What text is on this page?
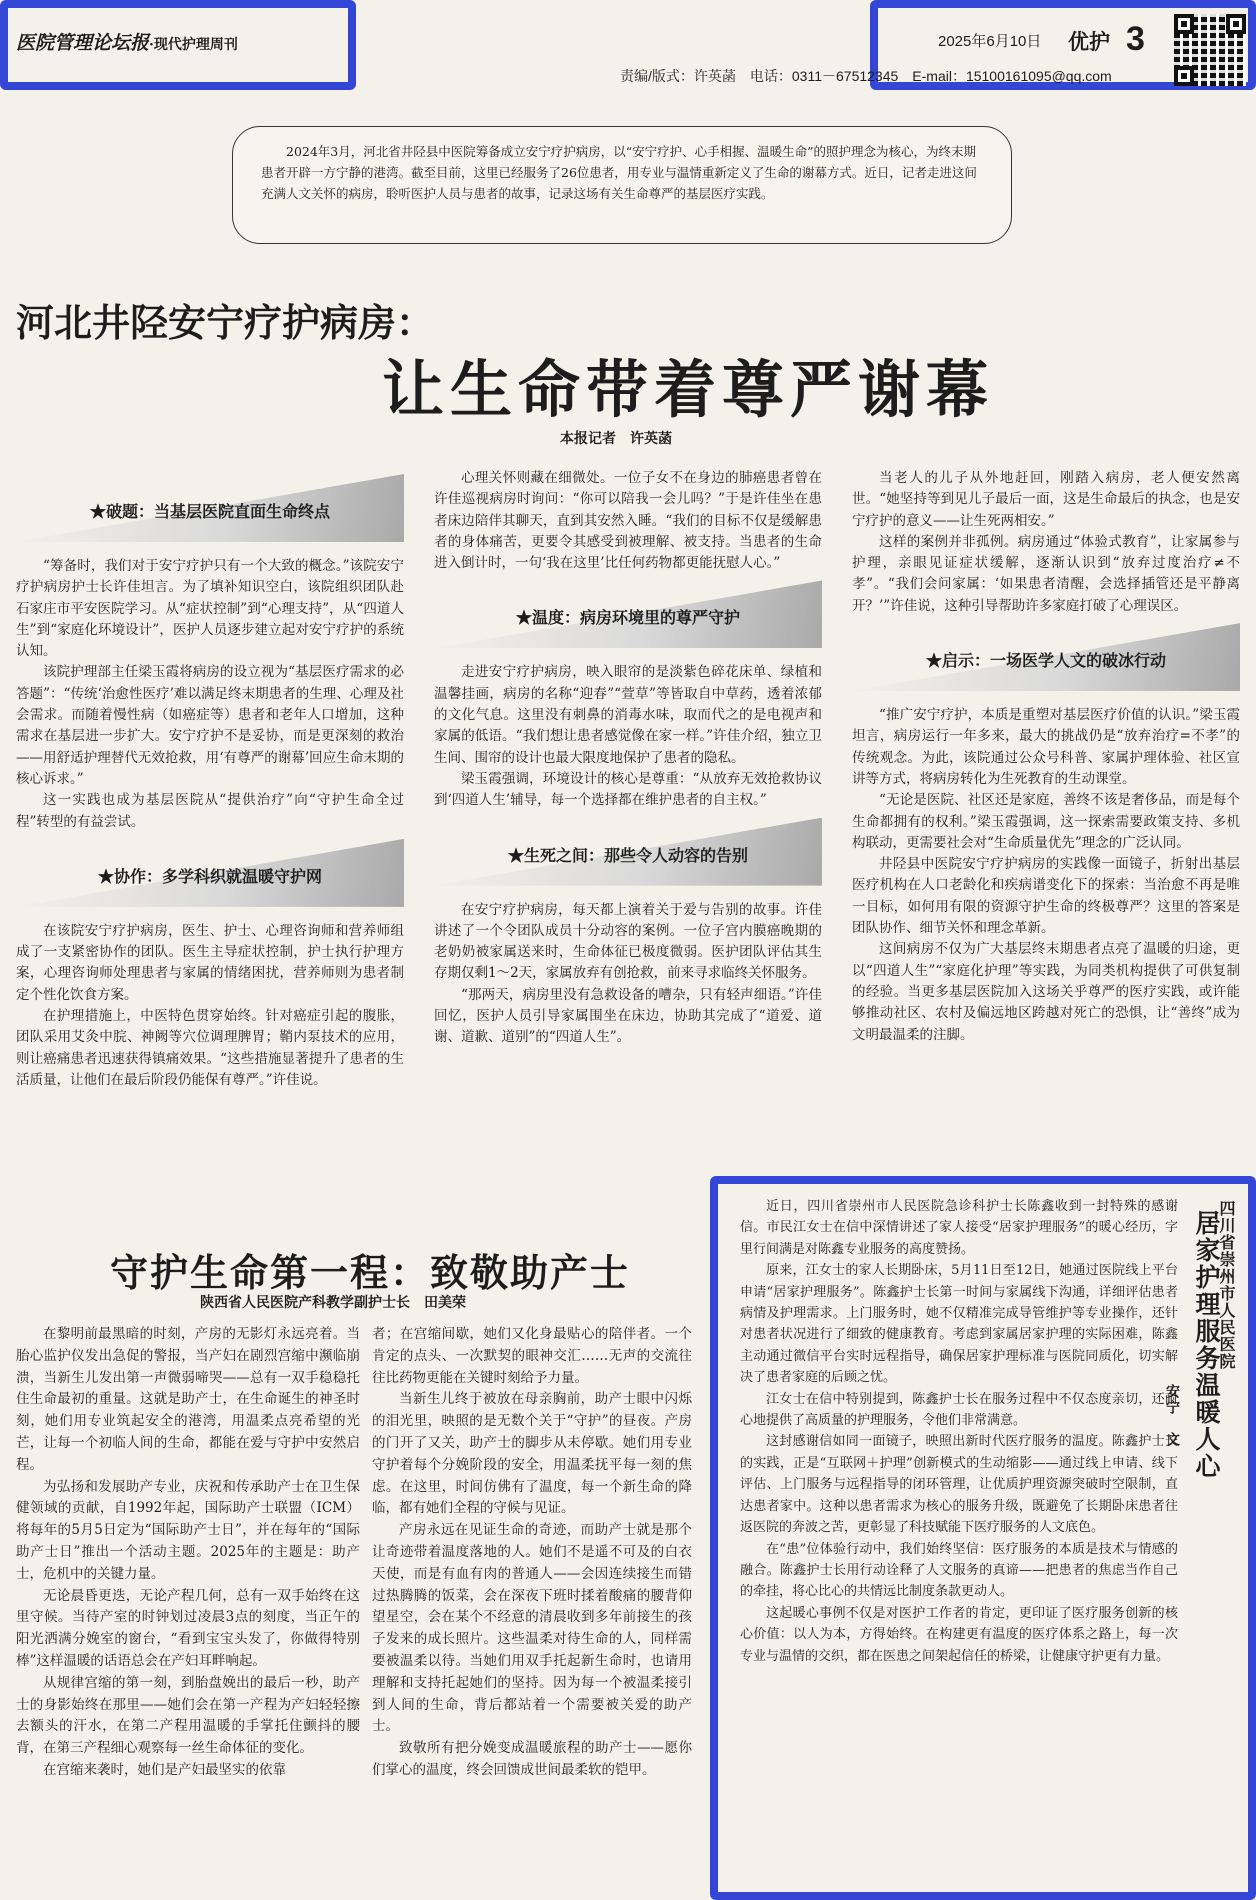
医院管理论坛报·现代护理周刊	2025年6月10日 优护 3
责编/版式：许英菡　电话：0311－67512345　E-mail：15100161095@qq.com
2024年3月，河北省井陉县中医院筹备成立安宁疗护病房，以“安宁疗护、心手相握、温暖生命”的照护理念为核心，为终末期患者开辟一方宁静的港湾。截至目前，这里已经服务了26位患者，用专业与温情重新定义了生命的谢幕方式。近日，记者走进这间充满人文关怀的病房，聆听医护人员与患者的故事，记录这场有关生命尊严的基层医疗实践。
河北井陉安宁疗护病房：
让生命带着尊严谢幕
本报记者　许英菡
★破题：当基层医院直面生命终点

“筹备时，我们对于安宁疗护只有一个大致的概念。”该院安宁疗护病房护士长许佳坦言。为了填补知识空白，该院组织团队赴石家庄市平安医院学习。从“症状控制”到“心理支持”，从“四道人生”到“家庭化环境设计”，医护人员逐步建立起对安宁疗护的系统认知。

该院护理部主任梁玉霞将病房的设立视为“基层医疗需求的必答题”：“传统‘治愈性医疗’难以满足终末期患者的生理、心理及社会需求。而随着慢性病（如癌症等）患者和老年人口增加，这种需求在基层进一步扩大。安宁疗护不是妥协，而是更深刻的救治——用舒适护理替代无效抢救，用‘有尊严的谢幕’回应生命末期的核心诉求。”

这一实践也成为基层医院从“提供治疗”向“守护生命全过程”转型的有益尝试。

★协作：多学科织就温暖守护网

在该院安宁疗护病房，医生、护士、心理咨询师和营养师组成了一支紧密协作的团队。医生主导症状控制，护士执行护理方案，心理咨询师处理患者与家属的情绪困扰，营养师则为患者制定个性化饮食方案。

在护理措施上，中医特色贯穿始终。针对癌症引起的腹胀，团队采用艾灸中脘、神阙等穴位调理脾胃；鞘内泵技术的应用，则让癌痛患者迅速获得镇痛效果。“这些措施显著提升了患者的生活质量，让他们在最后阶段仍能保有尊严。”许佳说。

心理关怀则藏在细微处。一位子女不在身边的肺癌患者曾在许佳巡视病房时询问：“你可以陪我一会儿吗？”于是许佳坐在患者床边陪伴其聊天，直到其安然入睡。“我们的目标不仅是缓解患者的身体痛苦，更要令其感受到被理解、被支持。当患者的生命进入倒计时，一句‘我在这里’比任何药物都更能抚慰人心。”

★温度：病房环境里的尊严守护

走进安宁疗护病房，映入眼帘的是淡紫色碎花床单、绿植和温馨挂画，病房的名称“迎春”“萱草”等皆取自中草药，透着浓郁的文化气息。这里没有刺鼻的消毒水味，取而代之的是电视声和家属的低语。“我们想让患者感觉像在家一样。”许佳介绍，独立卫生间、围帘的设计也最大限度地保护了患者的隐私。

梁玉霞强调，环境设计的核心是尊重：“从放弃无效抢救协议到‘四道人生’辅导，每一个选择都在维护患者的自主权。”

★生死之间：那些令人动容的告别

在安宁疗护病房，每天都上演着关于爱与告别的故事。许佳讲述了一个令团队成员十分动容的案例。一位子宫内膜癌晚期的老奶奶被家属送来时，生命体征已极度微弱。医护团队评估其生存期仅剩1～2天，家属放弃有创抢救，前来寻求临终关怀服务。

“那两天，病房里没有急救设备的嘈杂，只有轻声细语。”许佳回忆，医护人员引导家属围坐在床边，协助其完成了“道爱、道谢、道歉、道别”的“四道人生”。

当老人的儿子从外地赶回，刚踏入病房，老人便安然离世。“她坚持等到见儿子最后一面，这是生命最后的执念，也是安宁疗护的意义——让生死两相安。”

这样的案例并非孤例。病房通过“体验式教育”，让家属参与护理，亲眼见证症状缓解，逐渐认识到“放弃过度治疗≠不孝”。“我们会问家属：‘如果患者清醒，会选择插管还是平静离开？’”许佳说，这种引导帮助许多家庭打破了心理误区。

★启示：一场医学人文的破冰行动

“推广安宁疗护，本质是重塑对基层医疗价值的认识。”梁玉霞坦言，病房运行一年多来，最大的挑战仍是“放弃治疗=不孝”的传统观念。为此，该院通过公众号科普、家属护理体验、社区宣讲等方式，将病房转化为生死教育的生动课堂。

“无论是医院、社区还是家庭，善终不该是奢侈品，而是每个生命都拥有的权利。”梁玉霞强调，这一探索需要政策支持、多机构联动，更需要社会对“生命质量优先”理念的广泛认同。

井陉县中医院安宁疗护病房的实践像一面镜子，折射出基层医疗机构在人口老龄化和疾病谱变化下的探索：当治愈不再是唯一目标，如何用有限的资源守护生命的终极尊严？这里的答案是团队协作、细节关怀和理念革新。

这间病房不仅为广大基层终末期患者点亮了温暖的归途，更以“四道人生”“家庭化护理”等实践，为同类机构提供了可供复制的经验。当更多基层医院加入这场关乎尊严的医疗实践，或许能够推动社区、农村及偏远地区跨越对死亡的恐惧，让“善终”成为文明最温柔的注脚。

守护生命第一程：致敬助产士
陕西省人民医院产科教学副护士长　田美荣

在黎明前最黑暗的时刻，产房的无影灯永远亮着。当胎心监护仪发出急促的警报，当产妇在剧烈宫缩中濒临崩溃，当新生儿发出第一声微弱啼哭——总有一双手稳稳托住生命最初的重量。这就是助产士，在生命诞生的神圣时刻，她们用专业筑起安全的港湾，用温柔点亮希望的光芒，让每一个初临人间的生命，都能在爱与守护中安然启程。

为弘扬和发展助产专业，庆祝和传承助产士在卫生保健领域的贡献，自1992年起，国际助产士联盟（ICM）将每年的5月5日定为“国际助产士日”，并在每年的“国际助产士日”推出一个活动主题。2025年的主题是：助产士，危机中的关键力量。

无论晨昏更迭，无论产程几何，总有一双手始终在这里守候。当待产室的时钟划过凌晨3点的刻度，当正午的阳光洒满分娩室的窗台，“看到宝宝头发了，你做得特别棒”这样温暖的话语总会在产妇耳畔响起。

从规律宫缩的第一刻，到胎盘娩出的最后一秒，助产士的身影始终在那里——她们会在第一产程为产妇轻轻擦去额头的汗水，在第二产程用温暖的手掌托住颤抖的腰背，在第三产程细心观察每一丝生命体征的变化。

在宫缩来袭时，她们是产妇最坚实的依靠

者；在宫缩间歇，她们又化身最贴心的陪伴者。一个肯定的点头、一次默契的眼神交汇……无声的交流往往比药物更能在关键时刻给予力量。

当新生儿终于被放在母亲胸前，助产士眼中闪烁的泪光里，映照的是无数个关于“守护”的昼夜。产房的门开了又关，助产士的脚步从未停歇。她们用专业守护着每个分娩阶段的安全，用温柔抚平每一刻的焦虑。在这里，时间仿佛有了温度，每一个新生命的降临，都有她们全程的守候与见证。

产房永远在见证生命的奇迹，而助产士就是那个让奇迹带着温度落地的人。她们不是遥不可及的白衣天使，而是有血有肉的普通人——会因连续接生而错过热腾腾的饭菜，会在深夜下班时揉着酸痛的腰背仰望星空，会在某个不经意的清晨收到多年前接生的孩子发来的成长照片。这些温柔对待生命的人，同样需要被温柔以待。当她们用双手托起新生命时，也请用理解和支持托起她们的坚持。因为每一个被温柔接引到人间的生命，背后都站着一个需要被关爱的助产士。

致敬所有把分娩变成温暖旅程的助产士——愿你们掌心的温度，终会回馈成世间最柔软的铠甲。

近日，四川省崇州市人民医院急诊科护士长陈鑫收到一封特殊的感谢信。市民江女士在信中深情讲述了家人接受“居家护理服务”的暖心经历，字里行间满是对陈鑫专业服务的高度赞扬。

原来，江女士的家人长期卧床，5月11日至12日，她通过医院线上平台申请“居家护理服务”。陈鑫护士长第一时间与家属线下沟通，详细评估患者病情及护理需求。上门服务时，她不仅精准完成导管维护等专业操作，还针对患者状况进行了细致的健康教育。考虑到家属居家护理的实际困难，陈鑫主动通过微信平台实时远程指导，确保居家护理标准与医院同质化，切实解决了患者家庭的后顾之忧。

江女士在信中特别提到，陈鑫护士长在服务过程中不仅态度亲切，还耐心地提供了高质量的护理服务，令他们非常满意。

这封感谢信如同一面镜子，映照出新时代医疗服务的温度。陈鑫护士长的实践，正是“互联网＋护理”创新模式的生动缩影——通过线上申请、线下评估、上门服务与远程指导的闭环管理，让优质护理资源突破时空限制，直达患者家中。这种以患者需求为核心的服务升级，既避免了长期卧床患者往返医院的奔波之苦，更彰显了科技赋能下医疗服务的人文底色。

在“患”位体验行动中，我们始终坚信：医疗服务的本质是技术与情感的融合。陈鑫护士长用行动诠释了人文服务的真谛——把患者的焦虑当作自己的牵挂，将心比心的共情远比制度条款更动人。

这起暖心事例不仅是对医护工作者的肯定，更印证了医疗服务创新的核心价值：以人为本，方得始终。在构建更有温度的医疗体系之路上，每一次专业与温情的交织，都在医患之间架起信任的桥梁，让健康守护更有力量。

四川省崇州市人民医院
居家护理服务温暖人心
安宁　文
